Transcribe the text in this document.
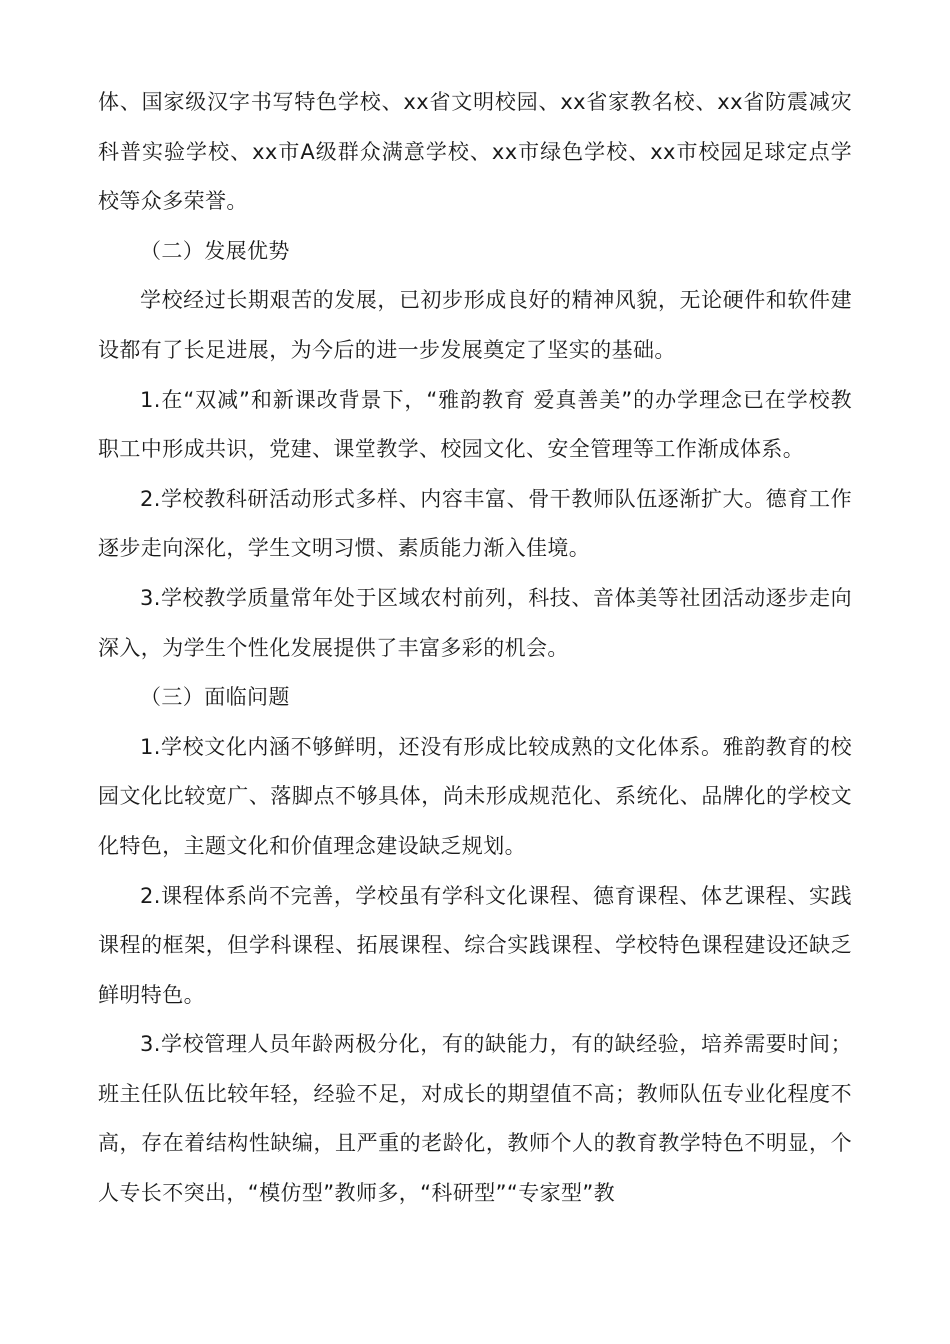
体、国家级汉字书写特色学校、xx省文明校园、xx省家教名校、xx省防震减灾科普实验学校、xx市A级群众满意学校、xx市绿色学校、xx市校园足球定点学校等众多荣誉。

（二）发展优势

学校经过长期艰苦的发展，已初步形成良好的精神风貌，无论硬件和软件建设都有了长足进展，为今后的进一步发展奠定了坚实的基础。

1.在“双减”和新课改背景下，“雅韵教育 爱真善美”的办学理念已在学校教职工中形成共识，党建、课堂教学、校园文化、安全管理等工作渐成体系。

2.学校教科研活动形式多样、内容丰富、骨干教师队伍逐渐扩大。德育工作逐步走向深化，学生文明习惯、素质能力渐入佳境。

3.学校教学质量常年处于区域农村前列，科技、音体美等社团活动逐步走向深入，为学生个性化发展提供了丰富多彩的机会。

（三）面临问题

1.学校文化内涵不够鲜明，还没有形成比较成熟的文化体系。雅韵教育的校园文化比较宽广、落脚点不够具体，尚未形成规范化、系统化、品牌化的学校文化特色，主题文化和价值理念建设缺乏规划。

2.课程体系尚不完善，学校虽有学科文化课程、德育课程、体艺课程、实践课程的框架，但学科课程、拓展课程、综合实践课程、学校特色课程建设还缺乏鲜明特色。

3.学校管理人员年龄两极分化，有的缺能力，有的缺经验，培养需要时间；班主任队伍比较年轻，经验不足，对成长的期望值不高；教师队伍专业化程度不高，存在着结构性缺编，且严重的老龄化，教师个人的教育教学特色不明显，个人专长不突出，“模仿型”教师多，“科研型”“专家型”教
